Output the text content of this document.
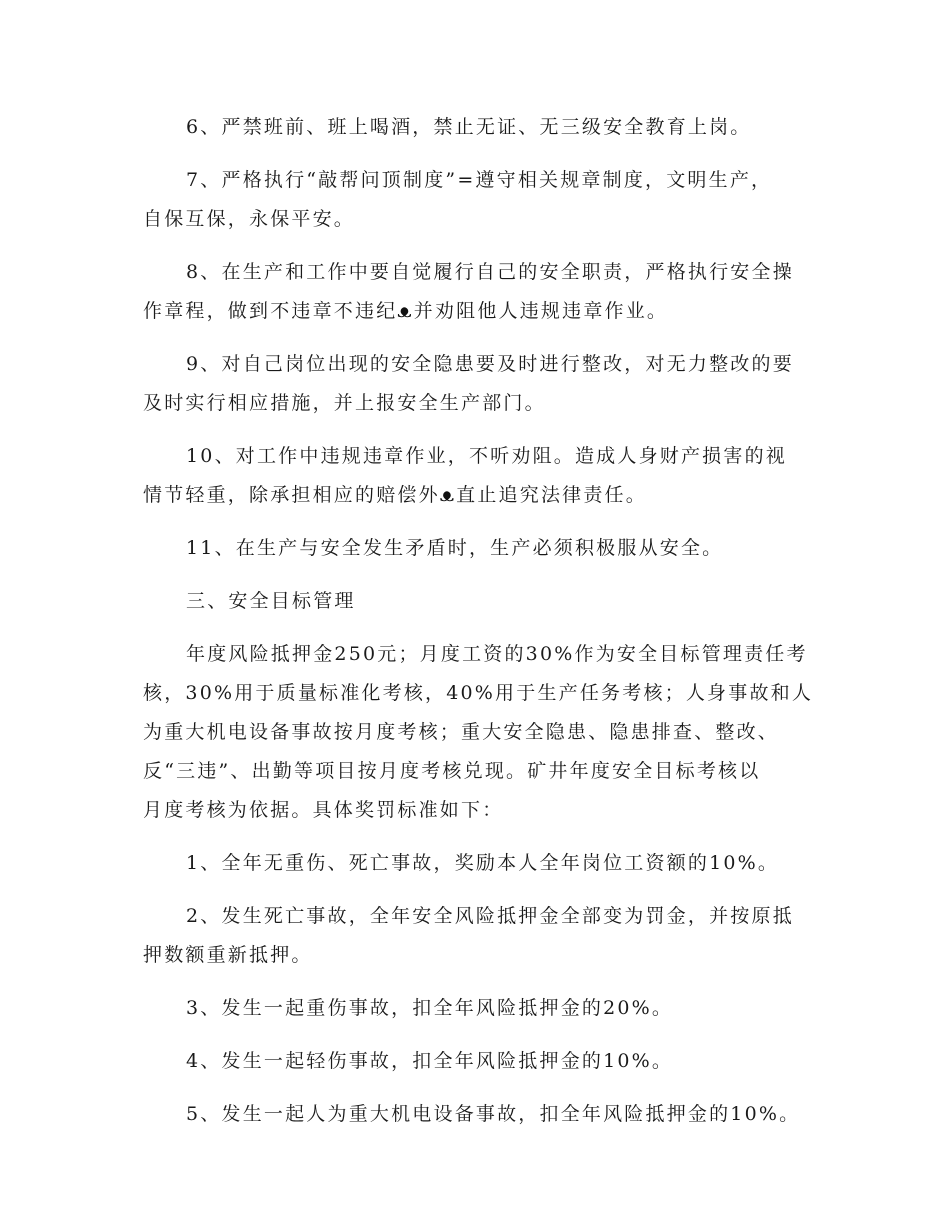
6、严禁班前、班上喝酒，禁止无证、无三级安全教育上岗。
7、严格执行“敲帮问顶制度”=遵守相关规章制度，文明生产，
自保互保，永保平安。
8、在生产和工作中要自觉履行自己的安全职责，严格执行安全操
作章程，做到不违章不违纪ᴥ并劝阻他人违规违章作业。
9、对自己岗位出现的安全隐患要及时进行整改，对无力整改的要
及时实行相应措施，并上报安全生产部门。
10、对工作中违规违章作业，不听劝阻。造成人身财产损害的视
情节轻重，除承担相应的赔偿外ᴥ直止追究法律责任。
11、在生产与安全发生矛盾时，生产必须积极服从安全。
三、安全目标管理
年度风险抵押金250元；月度工资的30%作为安全目标管理责任考
核，30%用于质量标准化考核，40%用于生产任务考核；人身事故和人
为重大机电设备事故按月度考核；重大安全隐患、隐患排查、整改、
反“三违”、出勤等项目按月度考核兑现。矿井年度安全目标考核以
月度考核为依据。具体奖罚标准如下：
1、全年无重伤、死亡事故，奖励本人全年岗位工资额的10%。
2、发生死亡事故，全年安全风险抵押金全部变为罚金，并按原抵
押数额重新抵押。
3、发生一起重伤事故，扣全年风险抵押金的20%。
4、发生一起轻伤事故，扣全年风险抵押金的10%。
5、发生一起人为重大机电设备事故，扣全年风险抵押金的10%。
